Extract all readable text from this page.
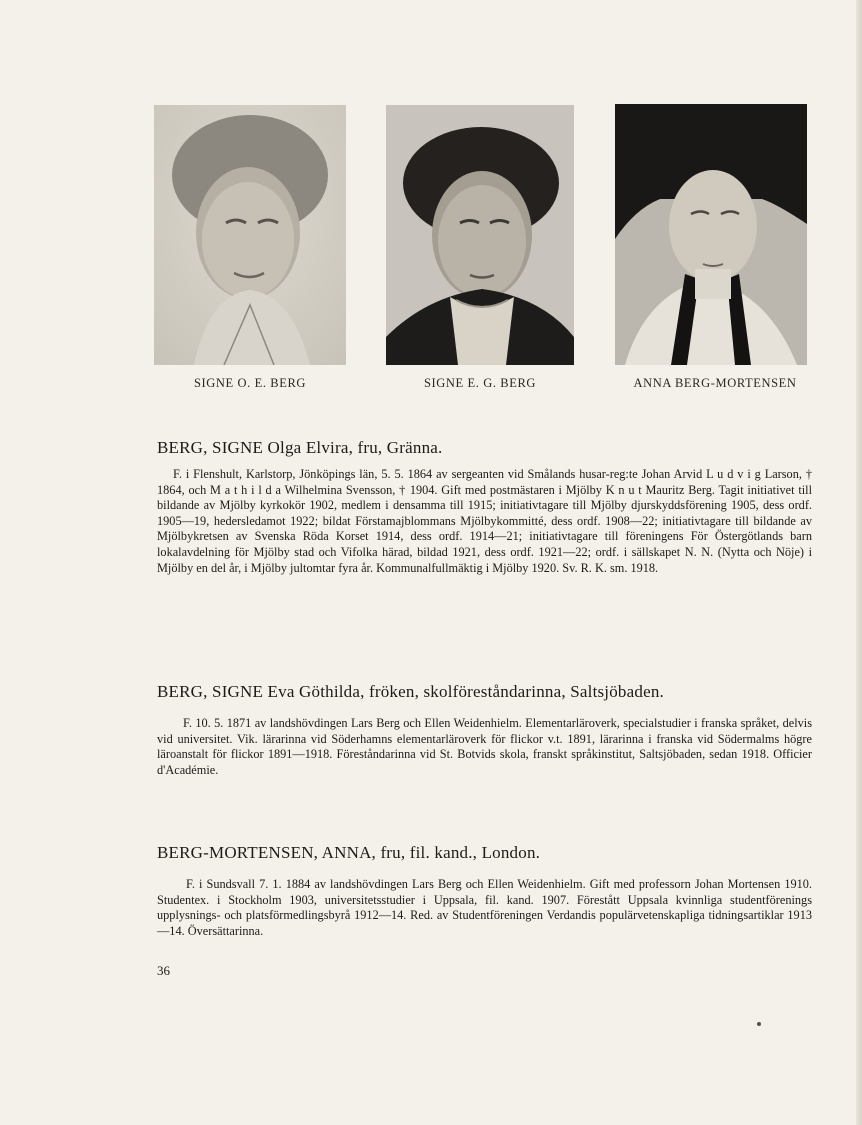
SIGNE O. E. BERG	SIGNE E. G. BERG	ANNA BERG-MORTENSEN
BERG, SIGNE Olga Elvira, fru, Gränna.
F. i Flenshult, Karlstorp, Jönköpings län, 5. 5. 1864 av sergeanten vid Smålands husar-reg:te Johan Arvid L u d v i g Larson, † 1864, och M a t h i l d a Wilhelmina Svensson, † 1904. Gift med postmästaren i Mjölby K n u t Mauritz Berg. Tagit initiativet till bildande av Mjölby kyrkokör 1902, medlem i densamma till 1915; initiativtagare till Mjölby djurskyddsförening 1905, dess ordf. 1905—19, hedersledamot 1922; bildat Förstamajblommans Mjölbykommitté, dess ordf. 1908—22; initiativtagare till bildande av Mjölbykretsen av Svenska Röda Korset 1914, dess ordf. 1914—21; initiativtagare till föreningens För Östergötlands barn lokalavdelning för Mjölby stad och Vifolka härad, bildad 1921, dess ordf. 1921—22; ordf. i sällskapet N. N. (Nytta och Nöje) i Mjölby en del år, i Mjölby jultomtar fyra år. Kommunalfullmäktig i Mjölby 1920. Sv. R. K. sm. 1918.
BERG, SIGNE Eva Göthilda, fröken, skolföreståndarinna, Saltsjöbaden.
F. 10. 5. 1871 av landshövdingen Lars Berg och Ellen Weidenhielm. Elementarläroverk, specialstudier i franska språket, delvis vid universitet. Vik. lärarinna vid Söderhamns elementarläroverk för flickor v.t. 1891, lärarinna i franska vid Södermalms högre läroanstalt för flickor 1891—1918. Föreståndarinna vid St. Botvids skola, franskt språkinstitut, Saltsjöbaden, sedan 1918. Officier d'Académie.
BERG-MORTENSEN, ANNA, fru, fil. kand., London.
F. i Sundsvall 7. 1. 1884 av landshövdingen Lars Berg och Ellen Weidenhielm. Gift med professorn Johan Mortensen 1910. Studentex. i Stockholm 1903, universitetsstudier i Uppsala, fil. kand. 1907. Förestått Uppsala kvinnliga studentförenings upplysnings- och platsförmedlingsbyrå 1912—14. Red. av Studentföreningen Verdandis populärvetenskapliga tidningsartiklar 1913 —14. Översättarinna.
36
